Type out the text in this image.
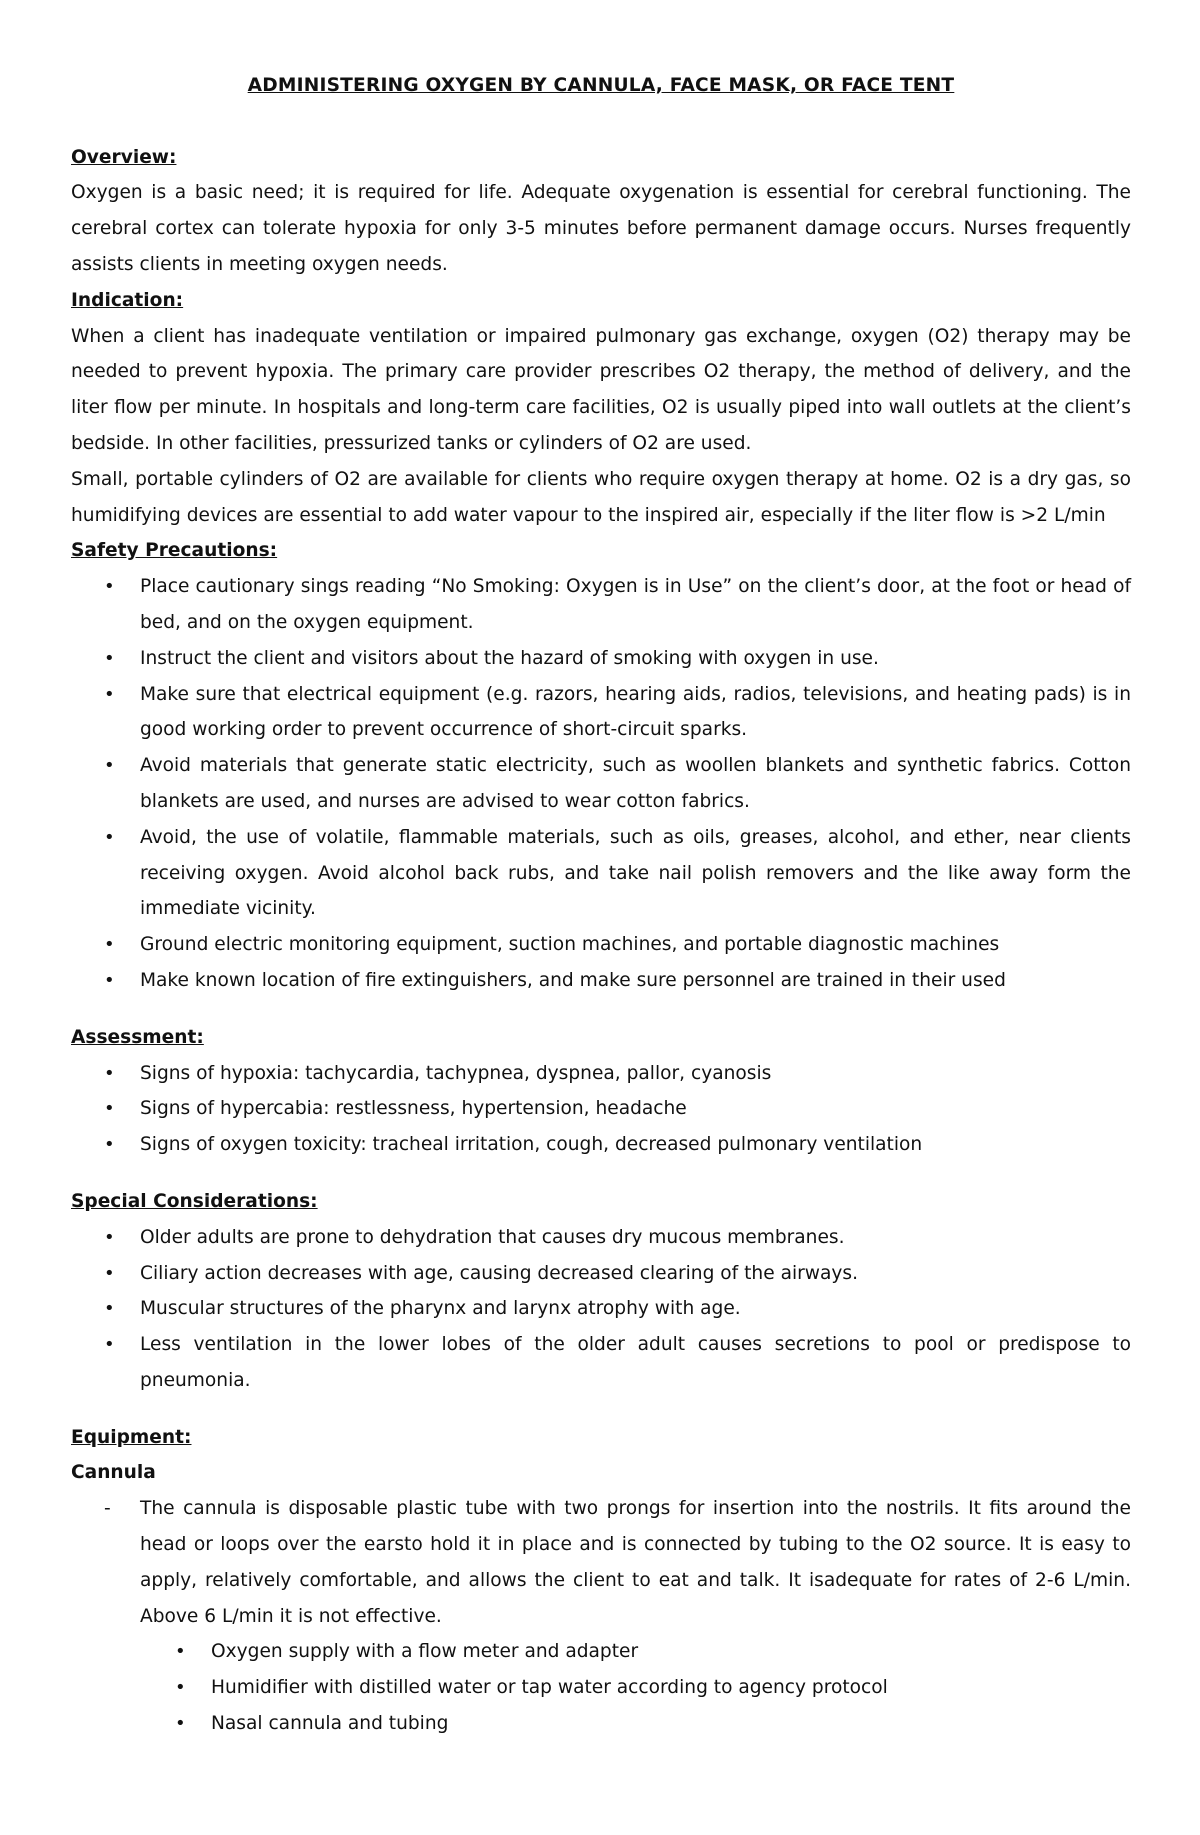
ADMINISTERING OXYGEN BY CANNULA, FACE MASK, OR FACE TENT

Overview:

Oxygen is a basic need; it is required for life. Adequate oxygenation is essential for cerebral functioning. The cerebral cortex can tolerate hypoxia for only 3-5 minutes before permanent damage occurs. Nurses frequently assists clients in meeting oxygen needs.

Indication:

When a client has inadequate ventilation or impaired pulmonary gas exchange, oxygen (O2) therapy may be needed to prevent hypoxia. The primary care provider prescribes O2 therapy, the method of delivery, and the liter flow per minute. In hospitals and long-term care facilities, O2 is usually piped into wall outlets at the client’s bedside. In other facilities, pressurized tanks or cylinders of O2 are used.

Small, portable cylinders of O2 are available for clients who require oxygen therapy at home. O2 is a dry gas, so humidifying devices are essential to add water vapour to the inspired air, especially if the liter flow is >2 L/min

Safety Precautions:

• Place cautionary sings reading “No Smoking: Oxygen is in Use” on the client’s door, at the foot or head of bed, and on the oxygen equipment.
• Instruct the client and visitors about the hazard of smoking with oxygen in use.
• Make sure that electrical equipment (e.g. razors, hearing aids, radios, televisions, and heating pads) is in good working order to prevent occurrence of short-circuit sparks.
• Avoid materials that generate static electricity, such as woollen blankets and synthetic fabrics. Cotton blankets are used, and nurses are advised to wear cotton fabrics.
• Avoid, the use of volatile, flammable materials, such as oils, greases, alcohol, and ether, near clients receiving oxygen. Avoid alcohol back rubs, and take nail polish removers and the like away form the immediate vicinity.
• Ground electric monitoring equipment, suction machines, and portable diagnostic machines
• Make known location of fire extinguishers, and make sure personnel are trained in their used

Assessment:

• Signs of hypoxia: tachycardia, tachypnea, dyspnea, pallor, cyanosis
• Signs of hypercabia: restlessness, hypertension, headache
• Signs of oxygen toxicity: tracheal irritation, cough, decreased pulmonary ventilation

Special Considerations:

• Older adults are prone to dehydration that causes dry mucous membranes.
• Ciliary action decreases with age, causing decreased clearing of the airways.
• Muscular structures of the pharynx and larynx atrophy with age.
• Less ventilation in the lower lobes of the older adult causes secretions to pool or predispose to pneumonia.

Equipment:

Cannula

- The cannula is disposable plastic tube with two prongs for insertion into the nostrils. It fits around the head or loops over the earsto hold it in place and is connected by tubing to the O2 source. It is easy to apply, relatively comfortable, and allows the client to eat and talk. It isadequate for rates of 2-6 L/min. Above 6 L/min it is not effective.
• Oxygen supply with a flow meter and adapter
• Humidifier with distilled water or tap water according to agency protocol
• Nasal cannula and tubing
